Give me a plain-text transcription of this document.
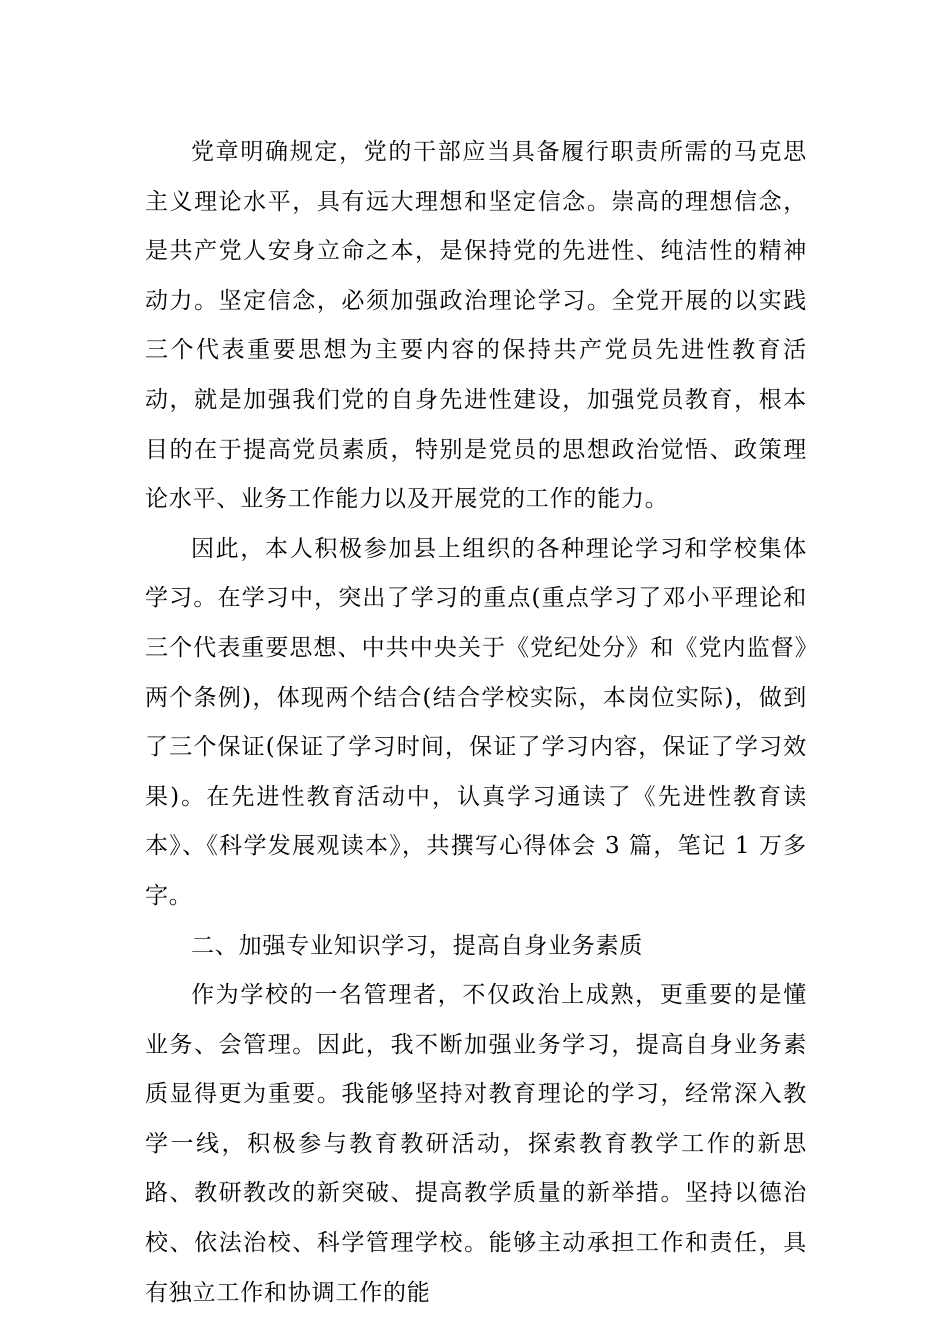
党章明确规定，党的干部应当具备履行职责所需的马克思主义理论水平，具有远大理想和坚定信念。崇高的理想信念，是共产党人安身立命之本，是保持党的先进性、纯洁性的精神动力。坚定信念，必须加强政治理论学习。全党开展的以实践三个代表重要思想为主要内容的保持共产党员先进性教育活动，就是加强我们党的自身先进性建设，加强党员教育，根本目的在于提高党员素质，特别是党员的思想政治觉悟、政策理论水平、业务工作能力以及开展党的工作的能力。

因此，本人积极参加县上组织的各种理论学习和学校集体学习。在学习中，突出了学习的重点(重点学习了邓小平理论和三个代表重要思想、中共中央关于《党纪处分》和《党内监督》两个条例)，体现两个结合(结合学校实际，本岗位实际)，做到了三个保证(保证了学习时间，保证了学习内容，保证了学习效果)。在先进性教育活动中，认真学习通读了《先进性教育读本》、《科学发展观读本》，共撰写心得体会 3 篇，笔记 1 万多字。

二、加强专业知识学习，提高自身业务素质

作为学校的一名管理者，不仅政治上成熟，更重要的是懂业务、会管理。因此，我不断加强业务学习，提高自身业务素质显得更为重要。我能够坚持对教育理论的学习，经常深入教学一线，积极参与教育教研活动，探索教育教学工作的新思路、教研教改的新突破、提高教学质量的新举措。坚持以德治校、依法治校、科学管理学校。能够主动承担工作和责任，具有独立工作和协调工作的能
